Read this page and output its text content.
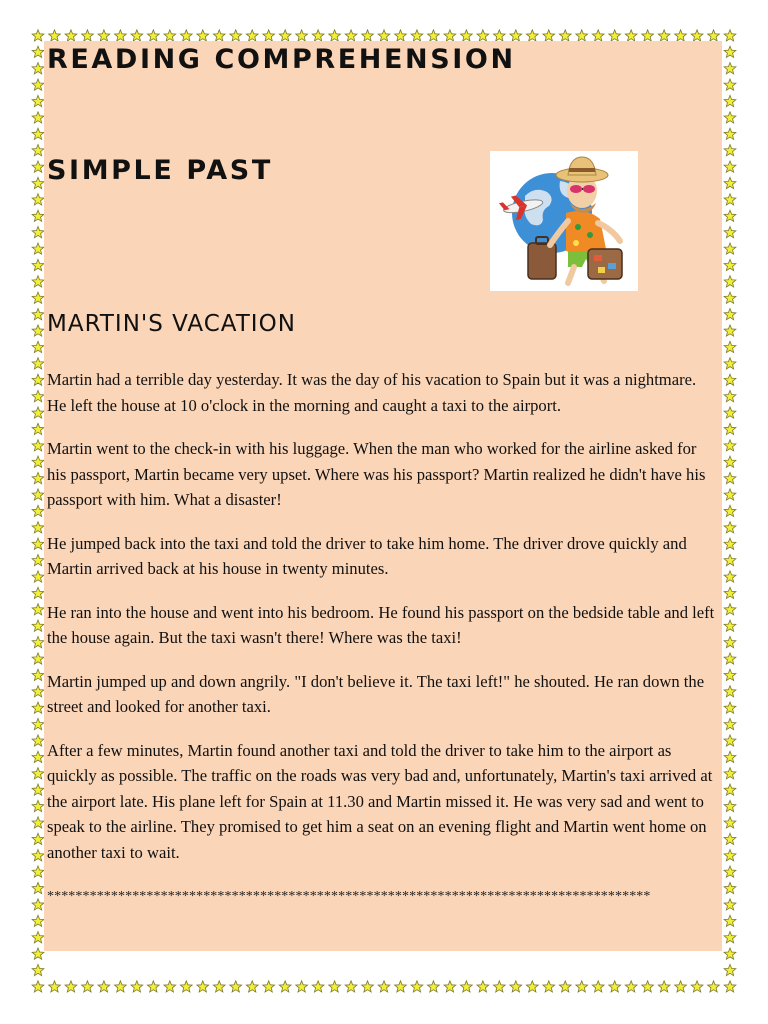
READING COMPREHENSION
SIMPLE PAST
MARTIN'S VACATION

Martin had a terrible day yesterday. It was the day of his vacation to Spain but it was a nightmare. He left the house at 10 o'clock in the morning and caught a taxi to the airport.

Martin went to the check-in with his luggage. When the man who worked for the airline asked for his passport, Martin became very upset. Where was his passport? Martin realized he didn't have his passport with him. What a disaster!

He jumped back into the taxi and told the driver to take him home. The driver drove quickly and Martin arrived back at his house in twenty minutes.

He ran into the house and went into his bedroom. He found his passport on the bedside table and left the house again. But the taxi wasn't there! Where was the taxi!

Martin jumped up and down angrily. "I don't believe it. The taxi left!" he shouted. He ran down the street and looked for another taxi.

After a few minutes, Martin found another taxi and told the driver to take him to the airport as quickly as possible. The traffic on the roads was very bad and, unfortunately, Martin's taxi arrived at the airport late. His plane left for Spain at 11.30 and Martin missed it. He was very sad and went to speak to the airline. They promised to get him a seat on an evening flight and Martin went home on another taxi to wait.

*************************************************************************************
